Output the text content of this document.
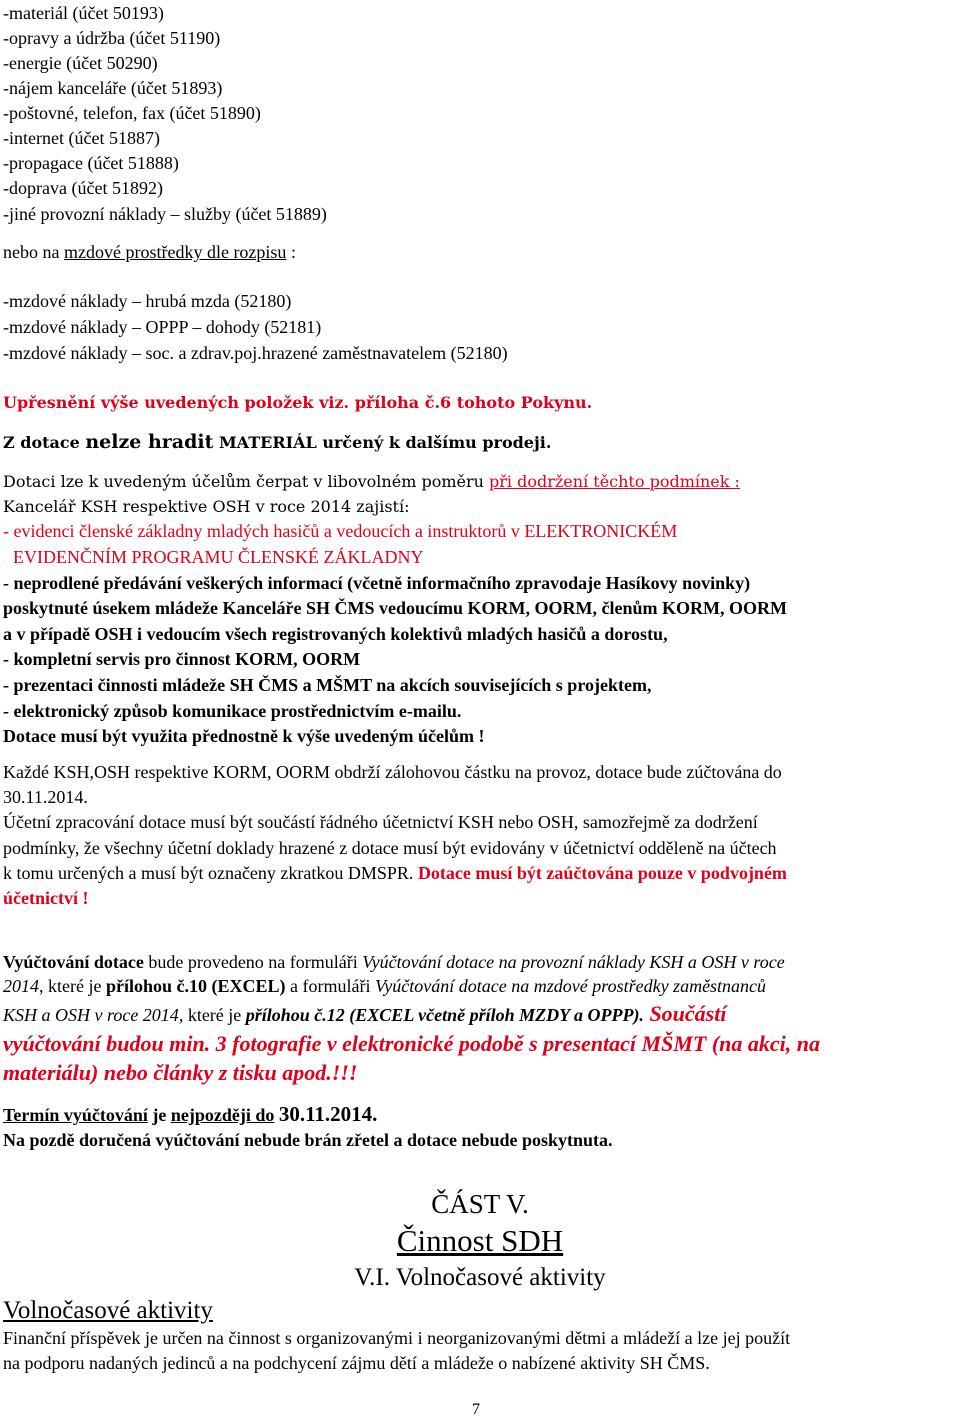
-materiál (účet 50193)
-opravy a údržba (účet 51190)
-energie (účet 50290)
-nájem kanceláře (účet 51893)
-poštovné, telefon, fax (účet 51890)
-internet (účet 51887)
-propagace (účet 51888)
-doprava (účet 51892)
-jiné provozní náklady – služby (účet 51889)
nebo na mzdové prostředky dle rozpisu :
-mzdové náklady – hrubá mzda (52180)
-mzdové náklady – OPPP – dohody (52181)
-mzdové náklady – soc. a zdrav.poj.hrazené zaměstnavatelem (52180)
Upřesnění výše uvedených položek viz. příloha č.6 tohoto Pokynu.
Z dotace nelze hradit MATERIÁL určený k dalšímu prodeji.
Dotaci lze k uvedeným účelům čerpat v libovolném poměru při dodržení těchto podmínek :
Kancelář KSH respektive OSH v roce 2014 zajistí:
- evidenci členské základny mladých hasičů a vedoucích a instruktorů v ELEKTRONICKÉM
EVIDENČNÍM PROGRAMU ČLENSKÉ ZÁKLADNY
- neprodlené předávání veškerých informací (včetně informačního zpravodaje Hasíkovy novinky)
poskytnuté úsekem mládeže Kanceláře SH ČMS vedoucímu KORM, OORM, členům KORM, OORM
a v případě OSH i vedoucím všech registrovaných kolektivů mladých hasičů a dorostu,
- kompletní servis pro činnost KORM, OORM
- prezentaci činnosti mládeže SH ČMS a MŠMT na akcích souvisejících s projektem,
- elektronický způsob komunikace prostřednictvím e-mailu.
Dotace musí být využita přednostně k výše uvedeným účelům !
Každé KSH,OSH respektive KORM, OORM obdrží zálohovou částku na provoz, dotace bude zúčtována do
30.11.2014.
Účetní zpracování dotace musí být součástí řádného účetnictví KSH nebo OSH, samozřejmě za dodržení
podmínky, že všechny účetní doklady hrazené z dotace musí být evidovány v účetnictví odděleně na účtech
k tomu určených a musí být označeny zkratkou DMSPR. Dotace musí být zaúčtována pouze v podvojném
účetnictví !
Vyúčtování dotace bude provedeno na formuláři Vyúčtování dotace na provozní náklady KSH a OSH v roce
2014, které je přílohou č.10 (EXCEL) a formuláři Vyúčtování dotace na mzdové prostředky zaměstnanců
KSH a OSH v roce 2014, které je přílohou č.12 (EXCEL včetně příloh MZDY a OPPP). Součástí
vyúčtování budou min. 3 fotografie v elektronické podobě s presentací MŠMT (na akci, na
materiálu) nebo články z tisku apod.!!!
Termín vyúčtování je nejpozději do 30.11.2014.
Na pozdě doručená vyúčtování nebude brán zřetel a dotace nebude poskytnuta.
ČÁST V.
Činnost SDH
V.I. Volnočasové aktivity
Volnočasové aktivity
Finanční příspěvek je určen na činnost s organizovanými i neorganizovanými dětmi a mládeží a lze jej použít
na podporu nadaných jedinců a na podchycení zájmu dětí a mládeže o nabízené aktivity SH ČMS.
7
